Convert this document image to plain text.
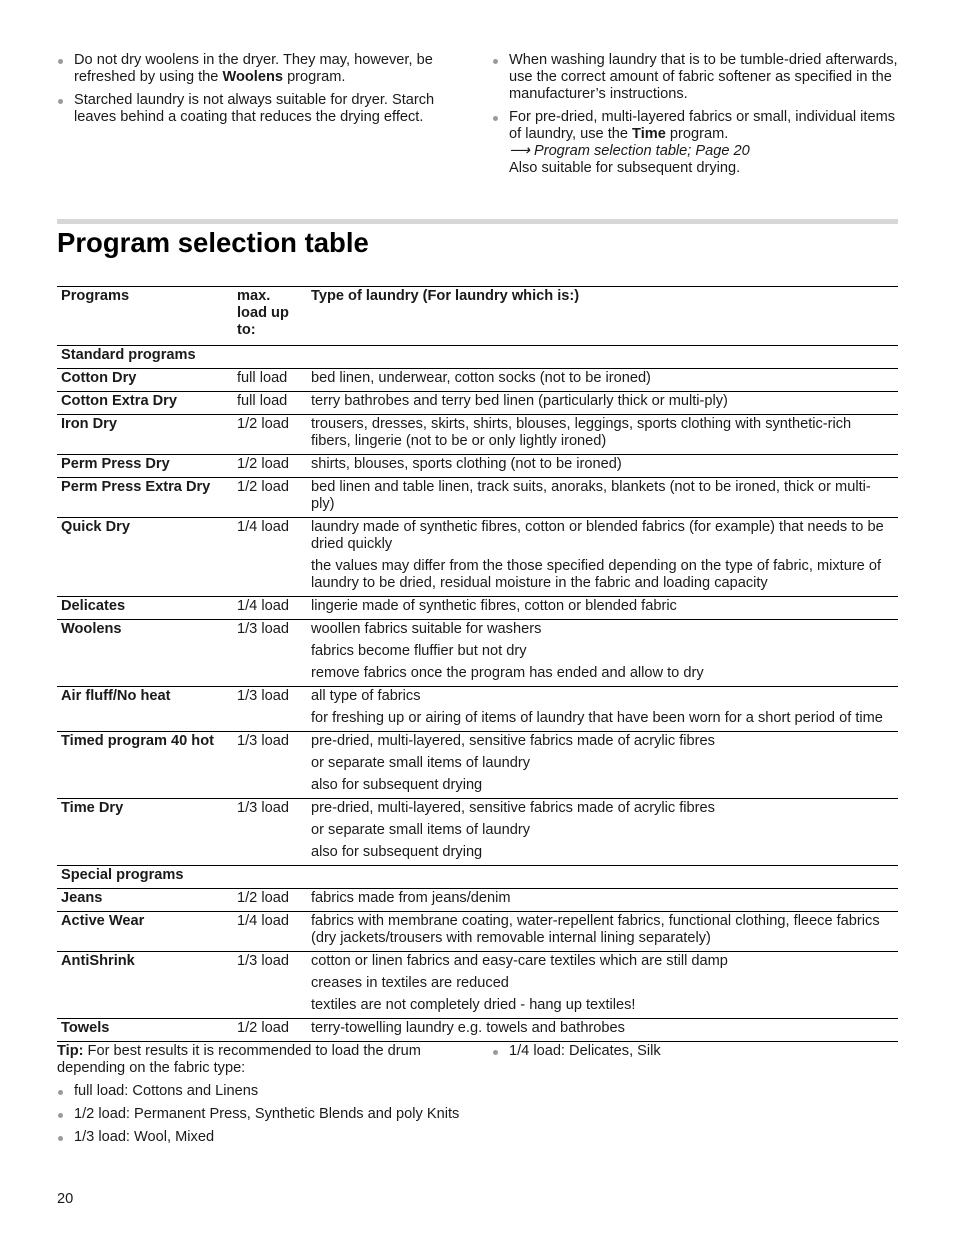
Do not dry woolens in the dryer. They may, however, be refreshed by using the Woolens program.
Starched laundry is not always suitable for dryer. Starch leaves behind a coating that reduces the drying effect.
When washing laundry that is to be tumble-dried afterwards, use the correct amount of fabric softener as specified in the manufacturer’s instructions.
For pre-dried, multi-layered fabrics or small, individual items of laundry, use the Time program.
⟶ Program selection table; Page 20
Also suitable for subsequent drying.
Program selection table
Programs	max. load up to:	Type of laundry (For laundry which is:)
Standard programs		
Cotton Dry	full load	bed linen, underwear, cotton socks (not to be ironed)
Cotton Extra Dry	full load	terry bathrobes and terry bed linen (particularly thick or multi-ply)
Iron Dry	1/2 load	trousers, dresses, skirts, shirts, blouses, leggings, sports clothing with synthetic-rich fibers, lingerie (not to be or only lightly ironed)
Perm Press Dry	1/2 load	shirts, blouses, sports clothing (not to be ironed)
Perm Press Extra Dry	1/2 load	bed linen and table linen, track suits, anoraks, blankets (not to be ironed, thick or multi-ply)
Quick Dry	1/4 load	laundry made of synthetic fibres, cotton or blended fabrics (for example) that needs to be dried quickly
		the values may differ from the those specified depending on the type of fabric, mixture of laundry to be dried, residual moisture in the fabric and loading capacity
Delicates	1/4 load	lingerie made of synthetic fibres, cotton or blended fabric
Woolens	1/3 load	woollen fabrics suitable for washers
		fabrics become fluffier but not dry
		remove fabrics once the program has ended and allow to dry
Air fluff/No heat	1/3 load	all type of fabrics
		for freshing up or airing of items of laundry that have been worn for a short period of time
Timed program 40 hot	1/3 load	pre-dried, multi-layered, sensitive fabrics made of acrylic fibres
		or separate small items of laundry
		also for subsequent drying
Time Dry	1/3 load	pre-dried, multi-layered, sensitive fabrics made of acrylic fibres
		or separate small items of laundry
		also for subsequent drying
Special programs		
Jeans	1/2 load	fabrics made from jeans/denim
Active Wear	1/4 load	fabrics with membrane coating, water-repellent fabrics, functional clothing, fleece fabrics (dry jackets/trousers with removable internal lining separately)
AntiShrink	1/3 load	cotton or linen fabrics and easy-care textiles which are still damp
		creases in textiles are reduced
		textiles are not completely dried - hang up textiles!
Towels	1/2 load	terry-towelling laundry e.g. towels and bathrobes
Tip: For best results it is recommended to load the drum depending on the fabric type:
full load: Cottons and Linens
1/2 load: Permanent Press, Synthetic Blends and poly Knits
1/3 load: Wool, Mixed
1/4 load: Delicates, Silk
20
